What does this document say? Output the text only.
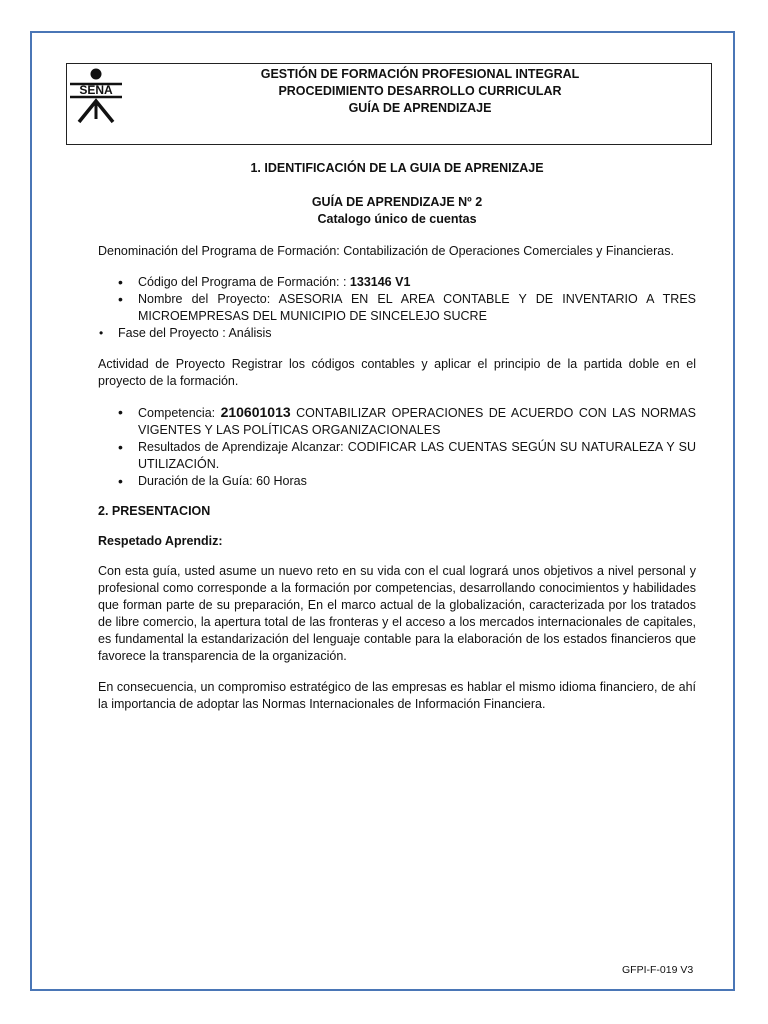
SENA
GESTIÓN DE FORMACIÓN PROFESIONAL INTEGRAL
PROCEDIMIENTO DESARROLLO CURRICULAR
GUÍA DE APRENDIZAJE

1. IDENTIFICACIÓN DE LA GUIA DE APRENIZAJE

GUÍA DE APRENDIZAJE Nº 2

Catalogo único de cuentas

Denominación del Programa de Formación: Contabilización de Operaciones Comerciales y Financieras.

• Código del Programa de Formación: : 133146 V1
• Nombre del Proyecto: ASESORIA EN EL AREA CONTABLE Y DE INVENTARIO A TRES MICROEMPRESAS DEL MUNICIPIO DE SINCELEJO SUCRE
• Fase del Proyecto : Análisis

Actividad de Proyecto Registrar los códigos contables y aplicar el principio de la partida doble en el proyecto de la formación.

• Competencia: 210601013 CONTABILIZAR OPERACIONES DE ACUERDO CON LAS NORMAS VIGENTES Y LAS POLÍTICAS ORGANIZACIONALES
• Resultados de Aprendizaje Alcanzar: CODIFICAR LAS CUENTAS SEGÚN SU NATURALEZA Y SU UTILIZACIÓN.
• Duración de la Guía: 60 Horas

2. PRESENTACION

Respetado Aprendiz:

Con esta guía, usted asume un nuevo reto en su vida con el cual logrará unos objetivos a nivel personal y profesional como corresponde a la formación por competencias, desarrollando conocimientos y habilidades que forman parte de su preparación, En el marco actual de la globalización, caracterizada por los tratados de libre comercio, la apertura total de las fronteras y el acceso a los mercados internacionales de capitales, es fundamental la estandarización del lenguaje contable para la elaboración de los estados financieros que favorece la transparencia de la organización.

En consecuencia, un compromiso estratégico de las empresas es hablar el mismo idioma financiero, de ahí la importancia de adoptar las Normas Internacionales de Información Financiera.

GFPI-F-019 V3
